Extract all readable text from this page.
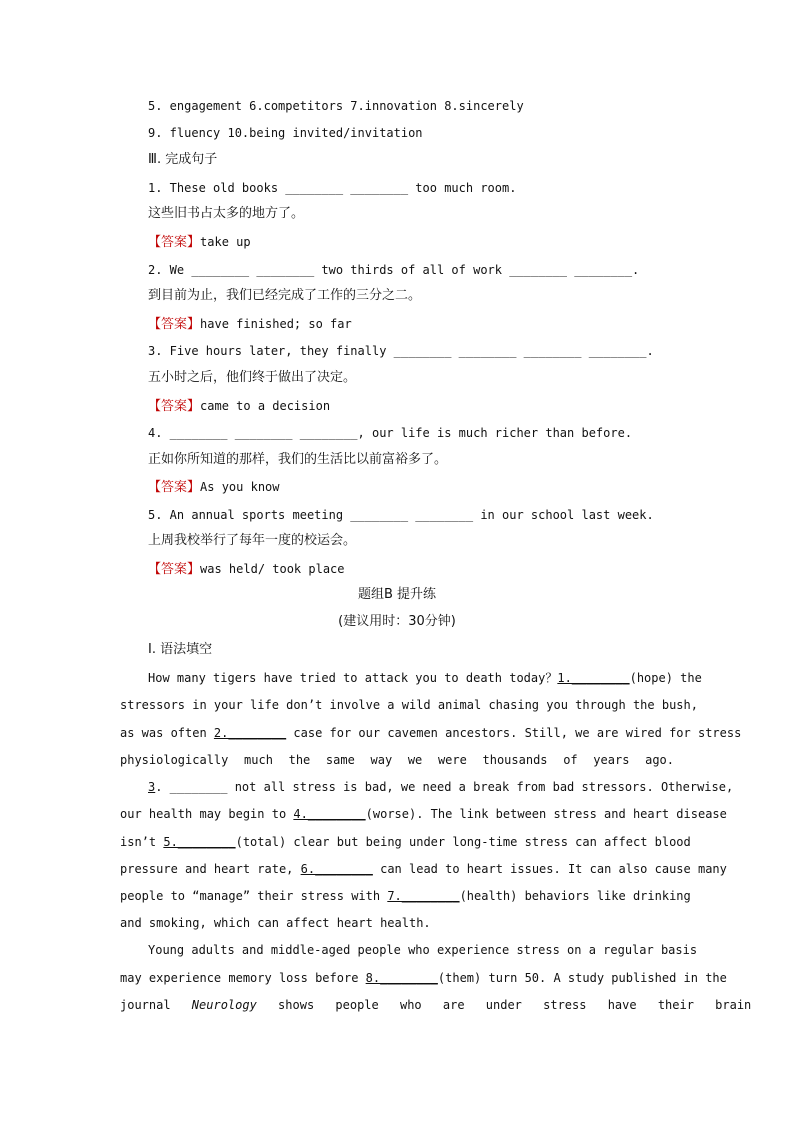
5. engagement 6.competitors 7.innovation 8.sincerely
9. fluency 10.being invited/invitation
Ⅲ. 完成句子
1. These old books ________ ________ too much room.
这些旧书占太多的地方了。
【答案】take up
2. We ________ ________ two thirds of all of work ________ ________.
到目前为止，我们已经完成了工作的三分之二。
【答案】have finished; so far
3. Five hours later, they finally ________ ________ ________ ________.
五小时之后，他们终于做出了决定。
【答案】came to a decision
4. ________ ________ ________, our life is much richer than before.
正如你所知道的那样，我们的生活比以前富裕多了。
【答案】As you know
5. An annual sports meeting ________ ________ in our school last week.
上周我校举行了每年一度的校运会。
【答案】was held/ took place
题组B 提升练
(建议用时：30分钟)
Ⅰ. 语法填空
How many tigers have tried to attack you to death today？1.________(hope) the
stressors in your life don’t involve a wild animal chasing you through the bush,
as was often 2.________ case for our cavemen ancestors. Still, we are wired for stress
physiologically much the same way we were thousands of years ago.
3. ________ not all stress is bad, we need a break from bad stressors. Otherwise,
our health may begin to 4.________(worse). The link between stress and heart disease
isn’t 5.________(total) clear but being under long-time stress can affect blood
pressure and heart rate, 6.________ can lead to heart issues. It can also cause many
people to “manage” their stress with 7.________(health) behaviors like drinking
and smoking, which can affect heart health.
Young adults and middle-aged people who experience stress on a regular basis
may experience memory loss before 8.________(them) turn 50. A study published in the
journal Neurology shows people who are under stress have their brain
